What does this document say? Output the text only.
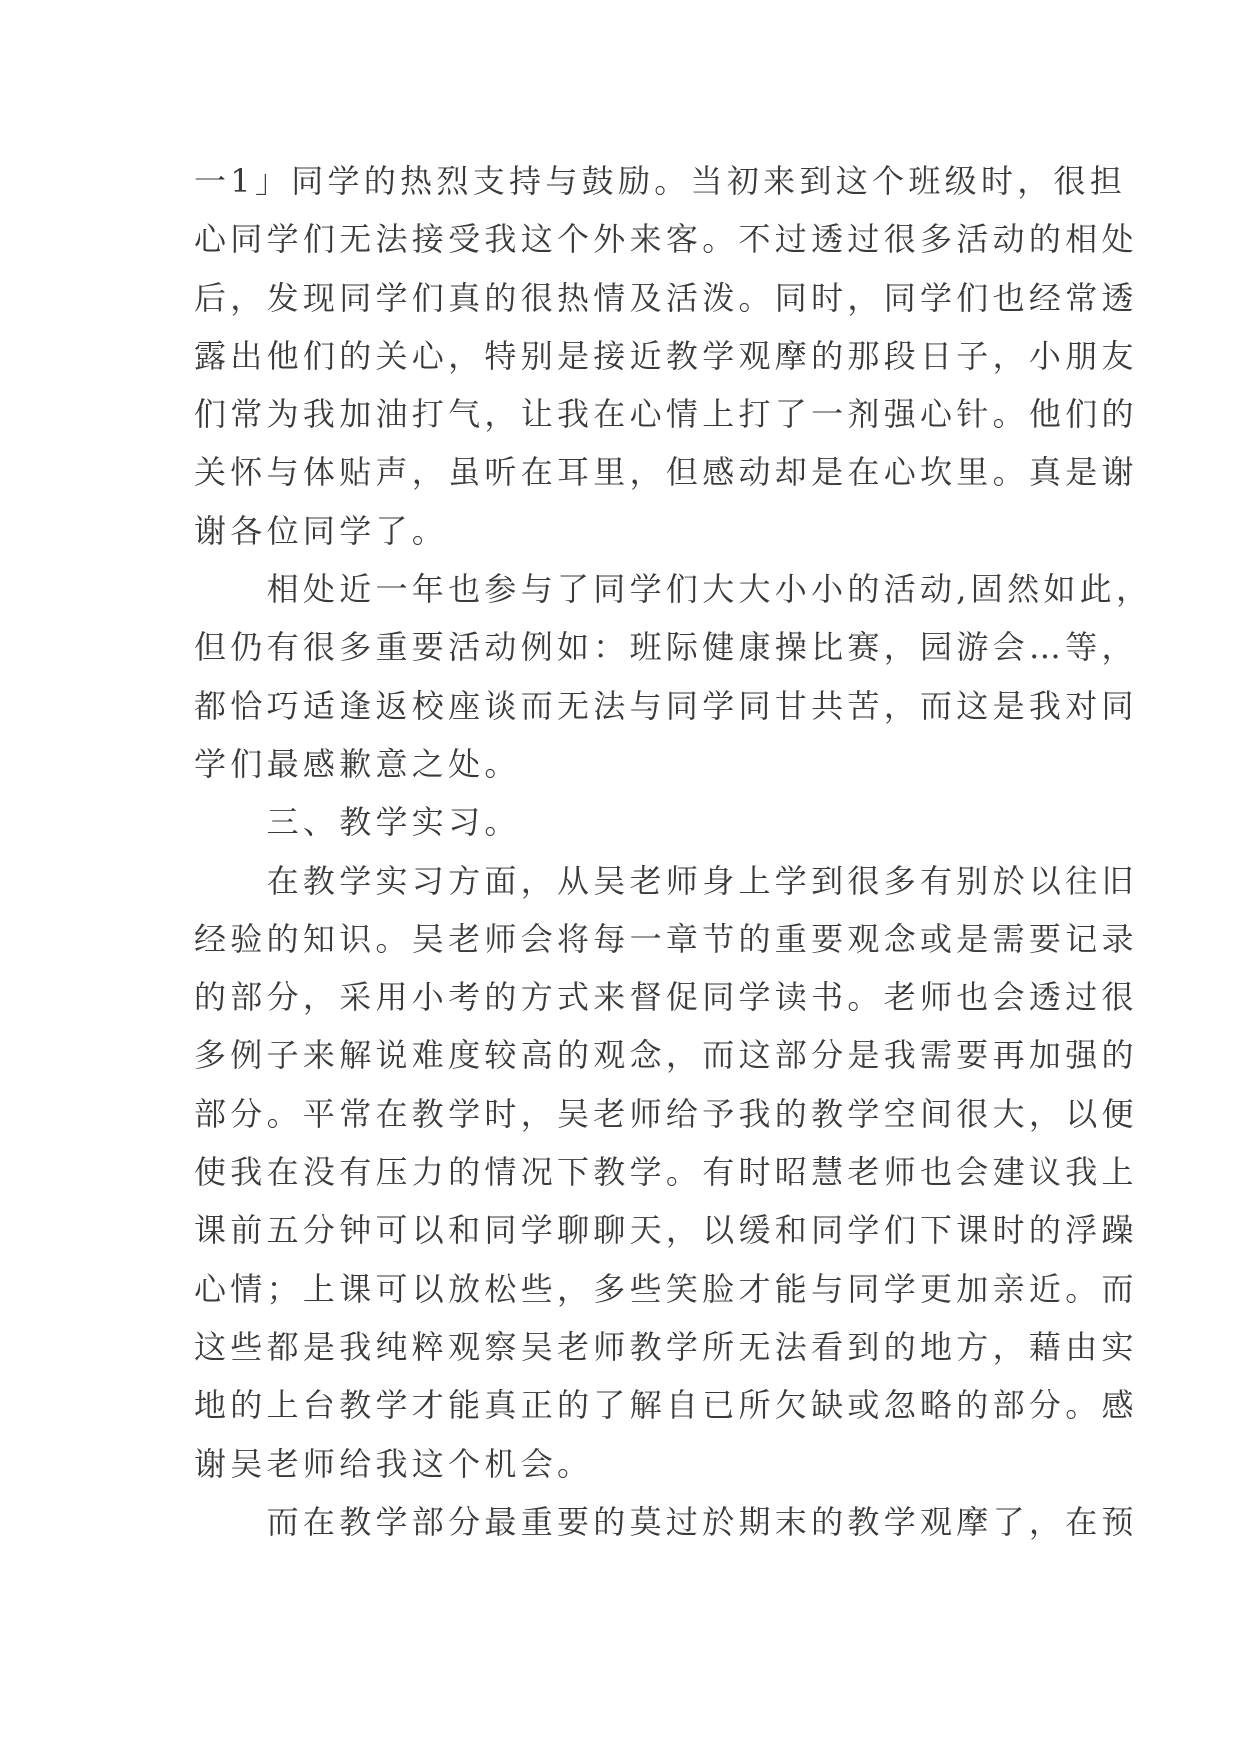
一1」同学的热烈支持与鼓励。当初来到这个班级时，很担
心同学们无法接受我这个外来客。不过透过很多活动的相处
后，发现同学们真的很热情及活泼。同时，同学们也经常透
露出他们的关心，特别是接近教学观摩的那段日子，小朋友
们常为我加油打气，让我在心情上打了一剂强心针。他们的
关怀与体贴声，虽听在耳里，但感动却是在心坎里。真是谢
谢各位同学了。
　　相处近一年也参与了同学们大大小小的活动,固然如此，
但仍有很多重要活动例如：班际健康操比赛，园游会…等，
都恰巧适逢返校座谈而无法与同学同甘共苦，而这是我对同
学们最感歉意之处。
　　三、教学实习。
　　在教学实习方面，从吴老师身上学到很多有别於以往旧
经验的知识。吴老师会将每一章节的重要观念或是需要记录
的部分，采用小考的方式来督促同学读书。老师也会透过很
多例子来解说难度较高的观念，而这部分是我需要再加强的
部分。平常在教学时，吴老师给予我的教学空间很大，以便
使我在没有压力的情况下教学。有时昭慧老师也会建议我上
课前五分钟可以和同学聊聊天，以缓和同学们下课时的浮躁
心情；上课可以放松些，多些笑脸才能与同学更加亲近。而
这些都是我纯粹观察吴老师教学所无法看到的地方，藉由实
地的上台教学才能真正的了解自已所欠缺或忽略的部分。感
谢吴老师给我这个机会。
　　而在教学部分最重要的莫过於期末的教学观摩了，在预
